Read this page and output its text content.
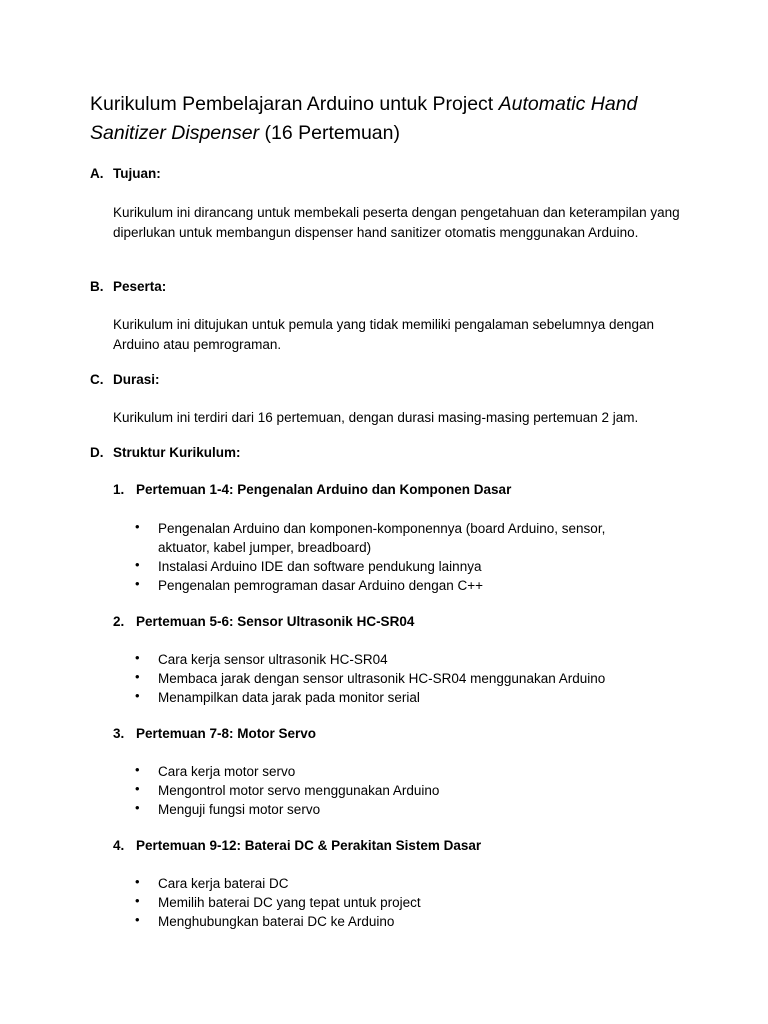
Kurikulum Pembelajaran Arduino untuk Project Automatic Hand Sanitizer Dispenser (16 Pertemuan)
A. Tujuan:
Kurikulum ini dirancang untuk membekali peserta dengan pengetahuan dan keterampilan yang diperlukan untuk membangun dispenser hand sanitizer otomatis menggunakan Arduino.
B. Peserta:
Kurikulum ini ditujukan untuk pemula yang tidak memiliki pengalaman sebelumnya dengan Arduino atau pemrograman.
C. Durasi:
Kurikulum ini terdiri dari 16 pertemuan, dengan durasi masing-masing pertemuan 2 jam.
D. Struktur Kurikulum:
1. Pertemuan 1-4: Pengenalan Arduino dan Komponen Dasar
• Pengenalan Arduino dan komponen-komponennya (board Arduino, sensor, aktuator, kabel jumper, breadboard)
• Instalasi Arduino IDE dan software pendukung lainnya
• Pengenalan pemrograman dasar Arduino dengan C++
2. Pertemuan 5-6: Sensor Ultrasonik HC-SR04
• Cara kerja sensor ultrasonik HC-SR04
• Membaca jarak dengan sensor ultrasonik HC-SR04 menggunakan Arduino
• Menampilkan data jarak pada monitor serial
3. Pertemuan 7-8: Motor Servo
• Cara kerja motor servo
• Mengontrol motor servo menggunakan Arduino
• Menguji fungsi motor servo
4. Pertemuan 9-12: Baterai DC & Perakitan Sistem Dasar
• Cara kerja baterai DC
• Memilih baterai DC yang tepat untuk project
• Menghubungkan baterai DC ke Arduino
